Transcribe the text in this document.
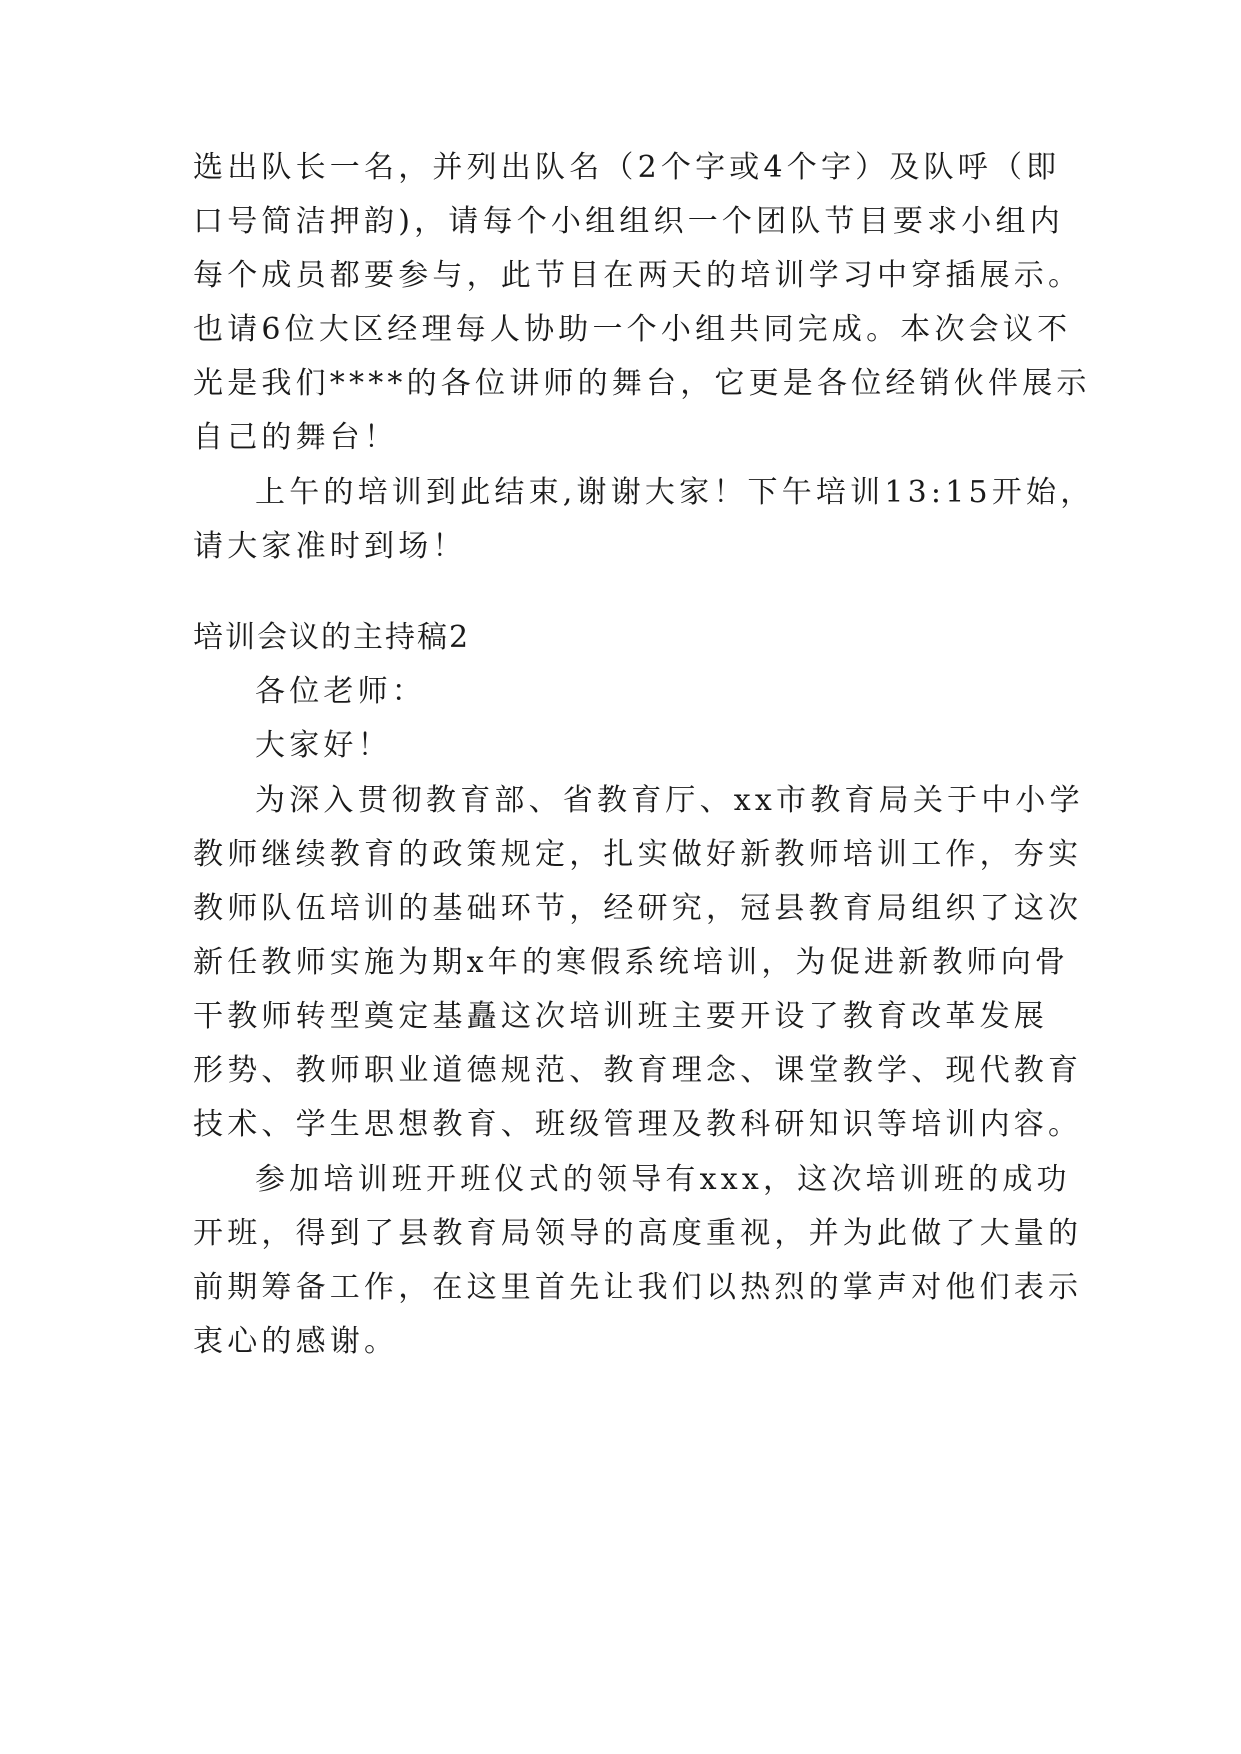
选出队长一名，并列出队名（2个字或4个字）及队呼（即
口号简洁押韵)，请每个小组组织一个团队节目要求小组内
每个成员都要参与，此节目在两天的培训学习中穿插展示。
也请6位大区经理每人协助一个小组共同完成。本次会议不
光是我们****的各位讲师的舞台，它更是各位经销伙伴展示
自己的舞台！
上午的培训到此结束,谢谢大家！下午培训13:15开始，
请大家准时到场！
培训会议的主持稿2
各位老师：
大家好！
为深入贯彻教育部、省教育厅、xx市教育局关于中小学
教师继续教育的政策规定，扎实做好新教师培训工作，夯实
教师队伍培训的基础环节，经研究，冠县教育局组织了这次
新任教师实施为期x年的寒假系统培训，为促进新教师向骨
干教师转型奠定基矗这次培训班主要开设了教育改革发展
形势、教师职业道德规范、教育理念、课堂教学、现代教育
技术、学生思想教育、班级管理及教科研知识等培训内容。
参加培训班开班仪式的领导有xxx，这次培训班的成功
开班，得到了县教育局领导的高度重视，并为此做了大量的
前期筹备工作，在这里首先让我们以热烈的掌声对他们表示
衷心的感谢。
